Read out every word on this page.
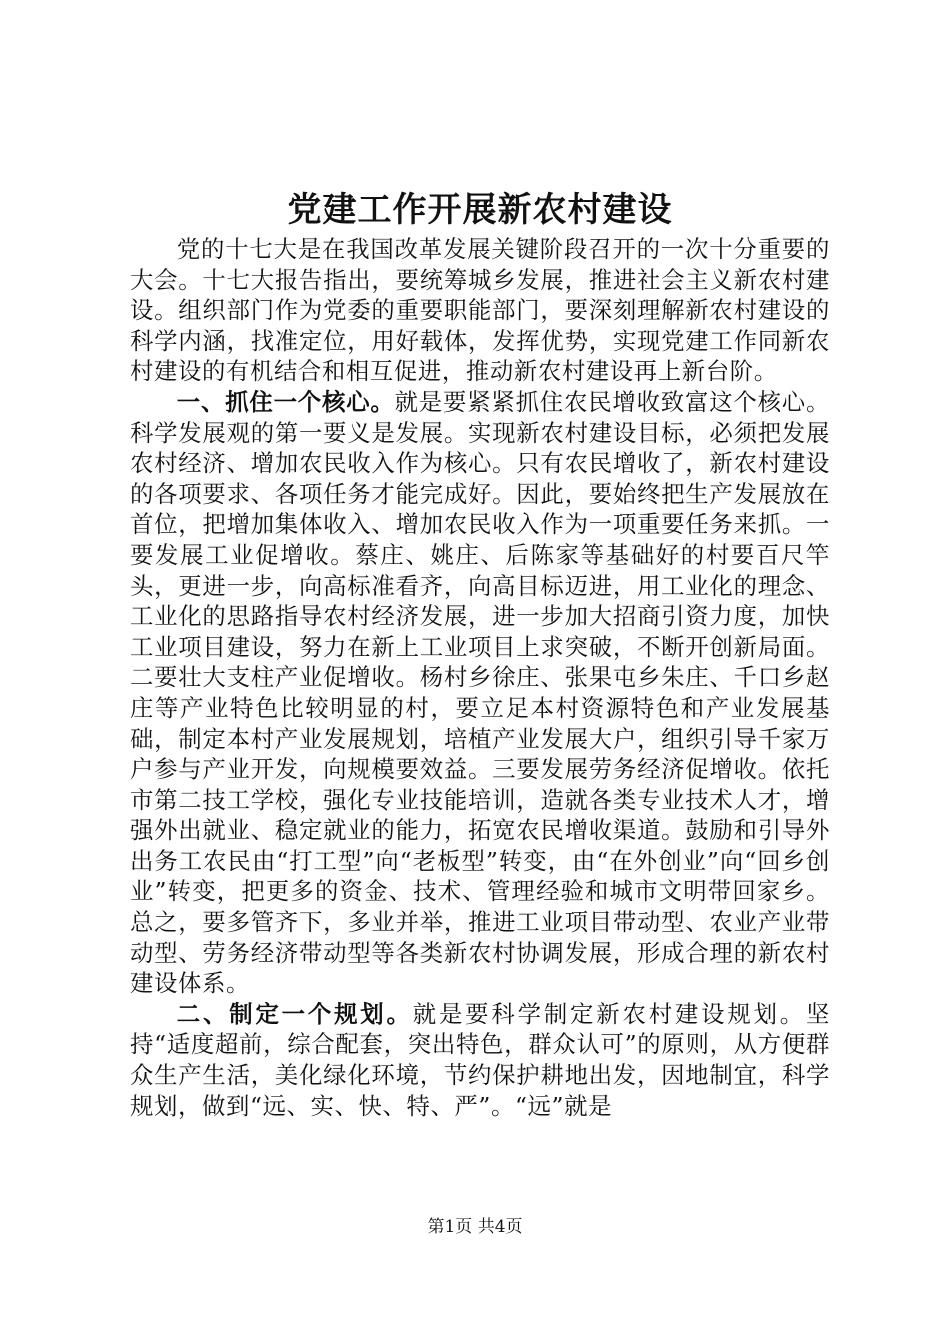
党建工作开展新农村建设

党的十七大是在我国改革发展关键阶段召开的一次十分重要的大会。十七大报告指出，要统筹城乡发展，推进社会主义新农村建设。组织部门作为党委的重要职能部门，要深刻理解新农村建设的科学内涵，找准定位，用好载体，发挥优势，实现党建工作同新农村建设的有机结合和相互促进，推动新农村建设再上新台阶。

一、抓住一个核心。就是要紧紧抓住农民增收致富这个核心。科学发展观的第一要义是发展。实现新农村建设目标，必须把发展农村经济、增加农民收入作为核心。只有农民增收了，新农村建设的各项要求、各项任务才能完成好。因此，要始终把生产发展放在首位，把增加集体收入、增加农民收入作为一项重要任务来抓。一要发展工业促增收。蔡庄、姚庄、后陈家等基础好的村要百尺竿头，更进一步，向高标准看齐，向高目标迈进，用工业化的理念、工业化的思路指导农村经济发展，进一步加大招商引资力度，加快工业项目建设，努力在新上工业项目上求突破，不断开创新局面。二要壮大支柱产业促增收。杨村乡徐庄、张果屯乡朱庄、千口乡赵庄等产业特色比较明显的村，要立足本村资源特色和产业发展基础，制定本村产业发展规划，培植产业发展大户，组织引导千家万户参与产业开发，向规模要效益。三要发展劳务经济促增收。依托市第二技工学校，强化专业技能培训，造就各类专业技术人才，增强外出就业、稳定就业的能力，拓宽农民增收渠道。鼓励和引导外出务工农民由“打工型”向“老板型”转变，由“在外创业”向“回乡创业”转变，把更多的资金、技术、管理经验和城市文明带回家乡。总之，要多管齐下，多业并举，推进工业项目带动型、农业产业带动型、劳务经济带动型等各类新农村协调发展，形成合理的新农村建设体系。

二、制定一个规划。就是要科学制定新农村建设规划。坚持“适度超前，综合配套，突出特色，群众认可”的原则，从方便群众生产生活，美化绿化环境，节约保护耕地出发，因地制宜，科学规划，做到“远、实、快、特、严”。“远”就是

第1页 共4页
